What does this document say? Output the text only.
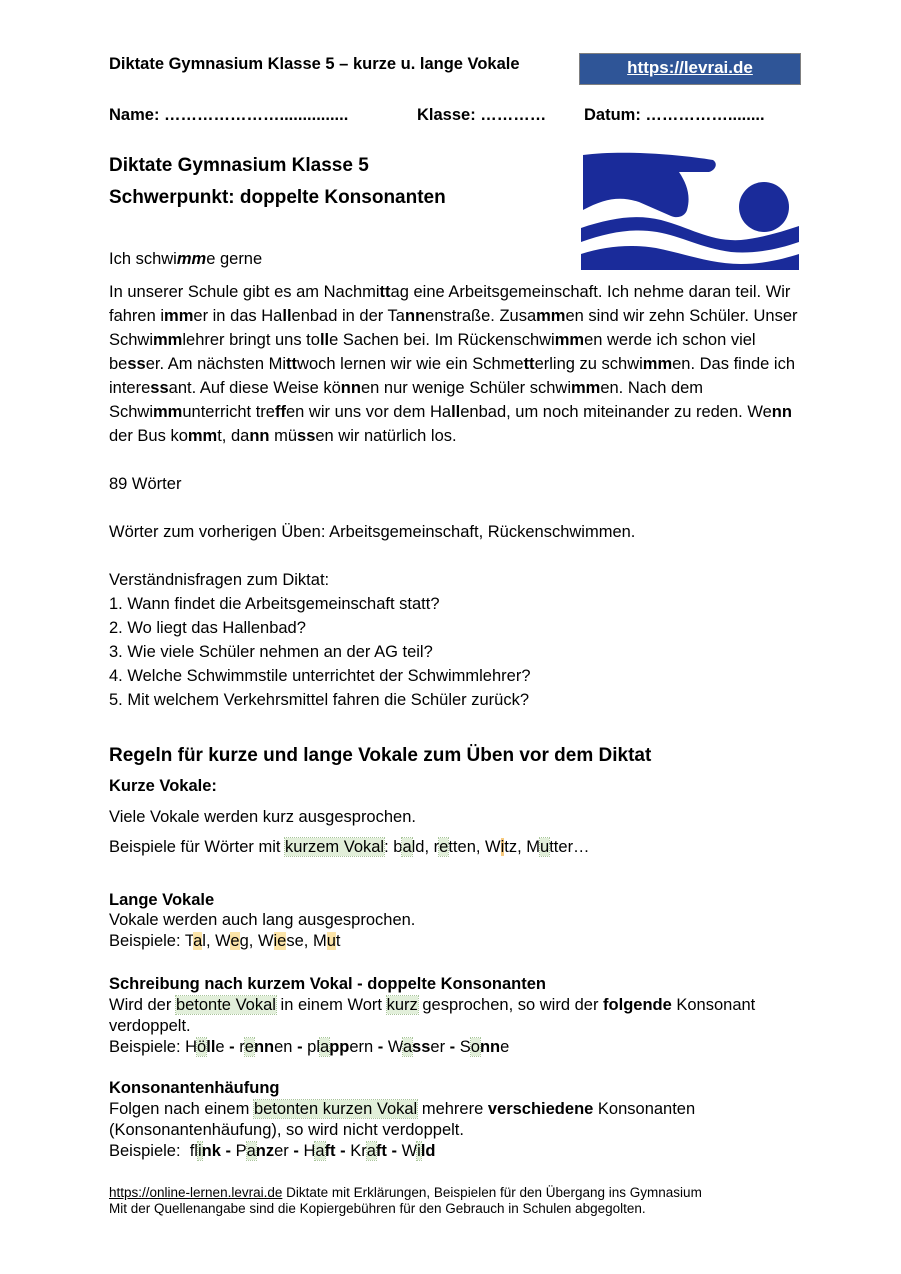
Diktate Gymnasium Klasse 5 – kurze u. lange Vokale	https://levrai.de
Name: …………………...............	Klasse: ………… Datum: ……………........
Diktate Gymnasium Klasse 5
Schwerpunkt: doppelte Konsonanten
Ich schwimme gerne
In unserer Schule gibt es am Nachmittag eine Arbeitsgemeinschaft. Ich nehme daran teil. Wir fahren immer in das Hallenbad in der Tannenstraße. Zusammen sind wir zehn Schüler. Unser Schwimmlehrer bringt uns tolle Sachen bei. Im Rückenschwimmen werde ich schon viel besser. Am nächsten Mittwoch lernen wir wie ein Schmetterling zu schwimmen. Das finde ich interessant. Auf diese Weise können nur wenige Schüler schwimmen. Nach dem Schwimmunterricht treffen wir uns vor dem Hallenbad, um noch miteinander zu reden. Wenn der Bus kommt, dann müssen wir natürlich los.
89 Wörter
Wörter zum vorherigen Üben: Arbeitsgemeinschaft, Rückenschwimmen.
Verständnisfragen zum Diktat:
1. Wann findet die Arbeitsgemeinschaft statt?
2. Wo liegt das Hallenbad?
3. Wie viele Schüler nehmen an der AG teil?
4. Welche Schwimmstile unterrichtet der Schwimmlehrer?
5. Mit welchem Verkehrsmittel fahren die Schüler zurück?
Regeln für kurze und lange Vokale zum Üben vor dem Diktat
Kurze Vokale:
Viele Vokale werden kurz ausgesprochen.
Beispiele für Wörter mit kurzem Vokal: bald, retten, Witz, Mutter…
Lange Vokale
Vokale werden auch lang ausgesprochen.
Beispiele: Tal, Weg, Wiese, Mut
Schreibung nach kurzem Vokal - doppelte Konsonanten
Wird der betonte Vokal in einem Wort kurz gesprochen, so wird der folgende Konsonant verdoppelt.
Beispiele: Hölle - rennen - plappern - Wasser - Sonne
Konsonantenhäufung
Folgen nach einem betonten kurzen Vokal mehrere verschiedene Konsonanten (Konsonantenhäufung), so wird nicht verdoppelt.
Beispiele:  flink - Panzer - Haft - Kraft - Wild
https://online-lernen.levrai.de Diktate mit Erklärungen, Beispielen für den Übergang ins Gymnasium
Mit der Quellenangabe sind die Kopiergebühren für den Gebrauch in Schulen abgegolten.
